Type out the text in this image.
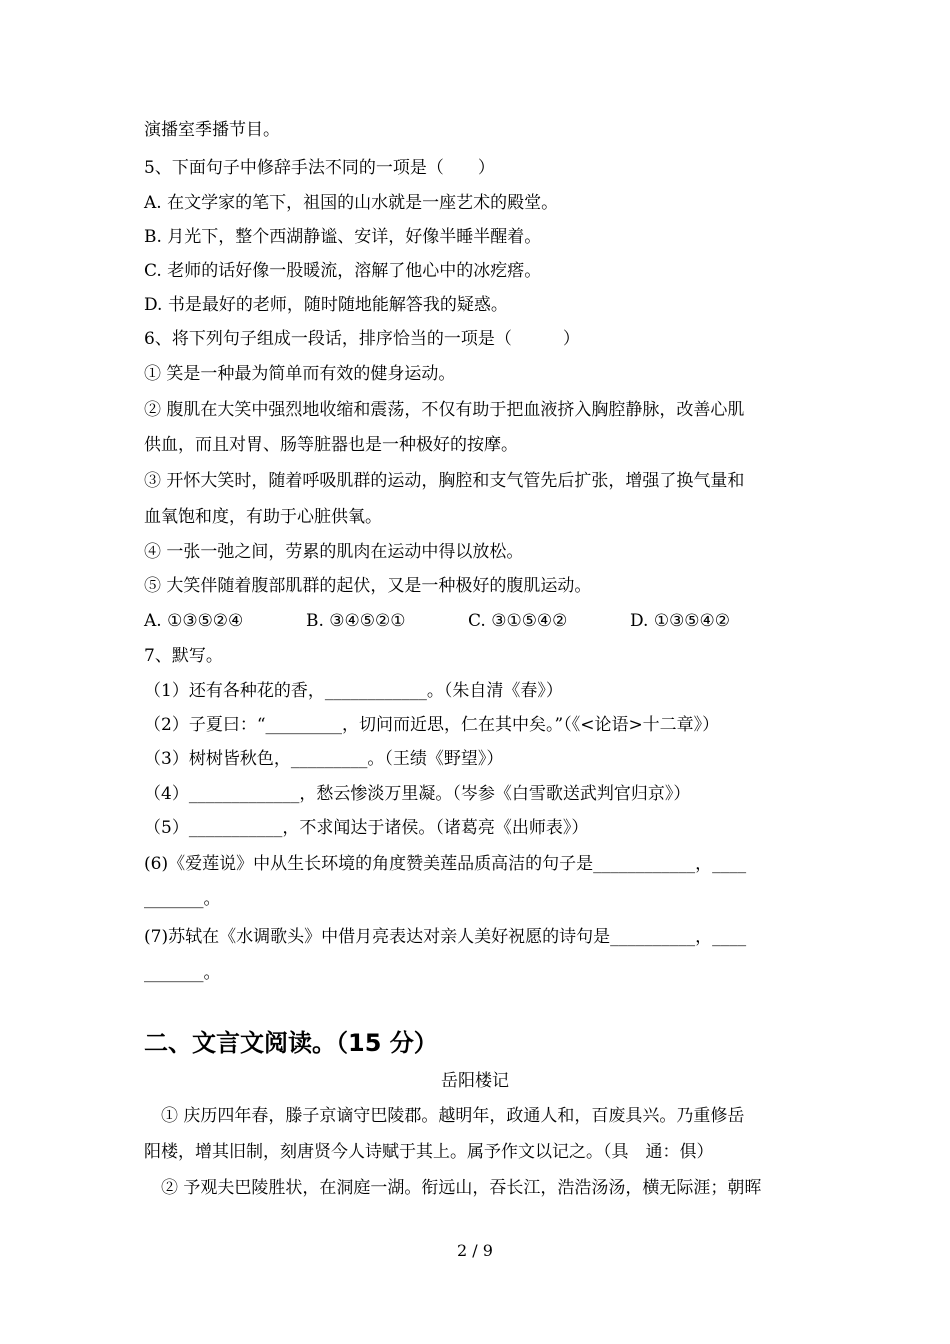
演播室季播节目。
5、下面句子中修辞手法不同的一项是（　　）
A. 在文学家的笔下，祖国的山水就是一座艺术的殿堂。
B. 月光下，整个西湖静谧、安详，好像半睡半醒着。
C. 老师的话好像一股暖流，溶解了他心中的冰疙瘩。
D. 书是最好的老师，随时随地能解答我的疑惑。
6、将下列句子组成一段话，排序恰当的一项是（　　　）
① 笑是一种最为简单而有效的健身运动。
② 腹肌在大笑中强烈地收缩和震荡，不仅有助于把血液挤入胸腔静脉，改善心肌
供血，而且对胃、肠等脏器也是一种极好的按摩。
③ 开怀大笑时，随着呼吸肌群的运动，胸腔和支气管先后扩张，增强了换气量和
血氧饱和度，有助于心脏供氧。
④ 一张一弛之间，劳累的肌肉在运动中得以放松。
⑤ 大笑伴随着腹部肌群的起伏，又是一种极好的腹肌运动。
A. ①③⑤②④	B. ③④⑤②①	C. ③①⑤④②	D. ①③⑤④②
7、默写。
（1）还有各种花的香，____________。（朱自清《春》）
（2）子夏曰：“_________，切问而近思，仁在其中矣。”（《<论语>十二章》）
（3）树树皆秋色，_________。（王绩《野望》）
（4）_____________，愁云惨淡万里凝。（岑参《白雪歌送武判官归京》）
（5）___________，不求闻达于诸侯。（诸葛亮《出师表》）
(6)《爱莲说》中从生长环境的角度赞美莲品质高洁的句子是____________，____
_______。
(7)苏轼在《水调歌头》中借月亮表达对亲人美好祝愿的诗句是__________，____
_______。
二、文言文阅读。（15 分）
岳阳楼记
　① 庆历四年春，滕子京谪守巴陵郡。越明年，政通人和，百废具兴。乃重修岳
阳楼，增其旧制，刻唐贤今人诗赋于其上。属予作文以记之。（具　通：俱）
　② 予观夫巴陵胜状，在洞庭一湖。衔远山，吞长江，浩浩汤汤，横无际涯；朝晖
2 / 9
